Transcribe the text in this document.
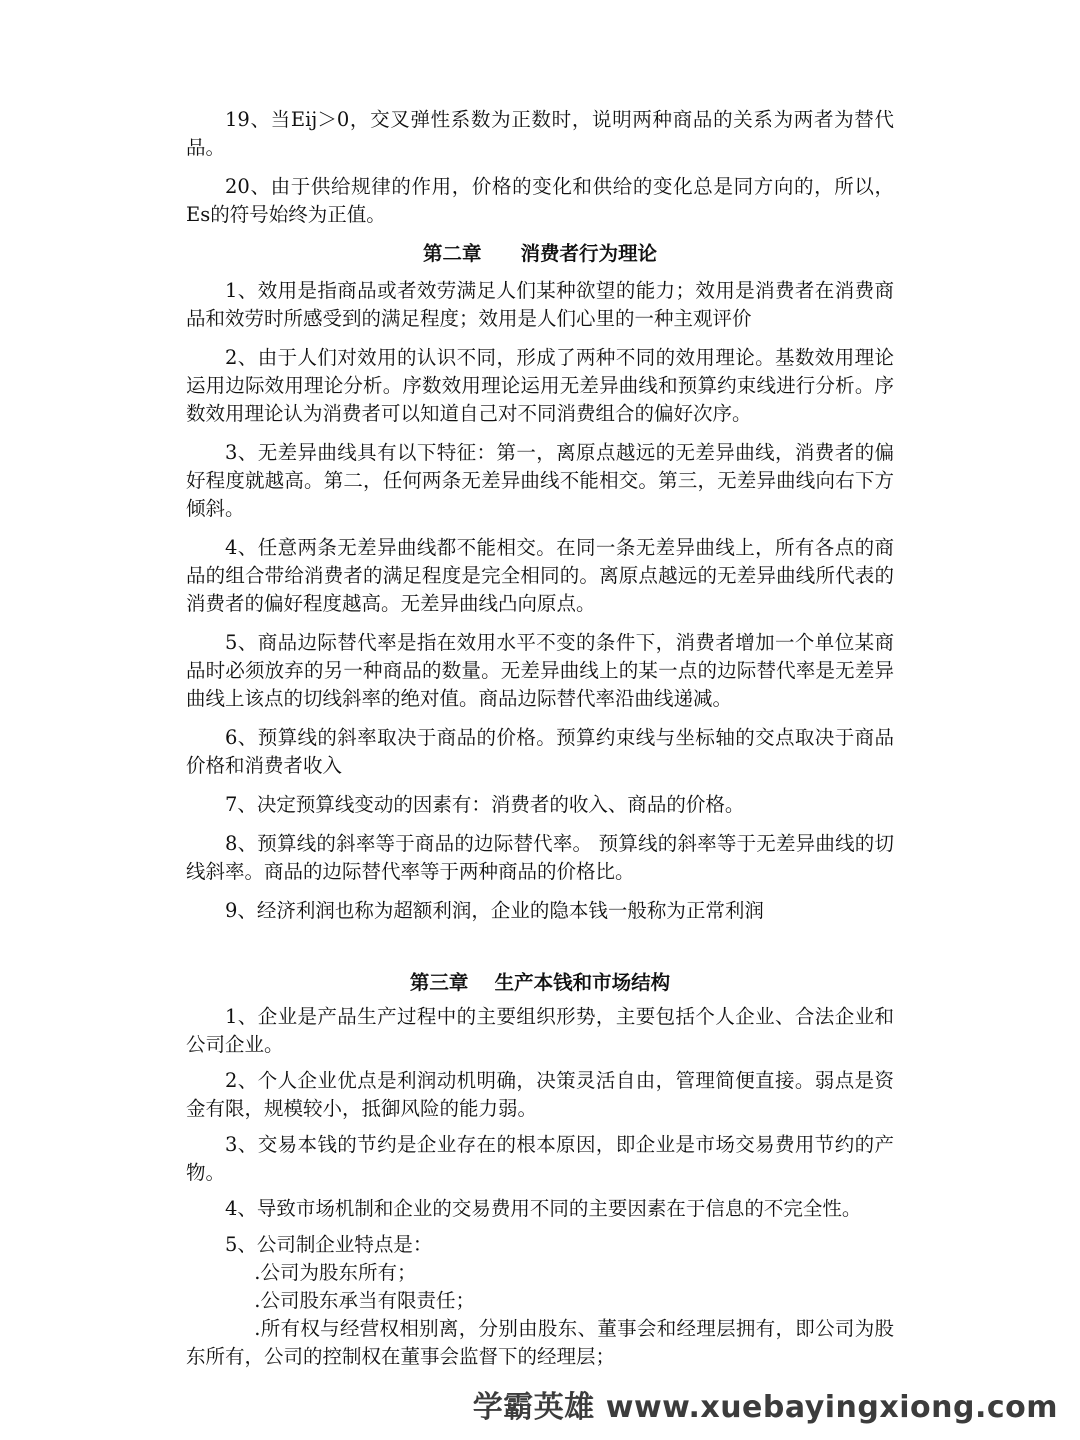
19、当Eij＞0，交叉弹性系数为正数时，说明两种商品的关系为两者为替代品。

20、由于供给规律的作用，价格的变化和供给的变化总是同方向的，所以，Es的符号始终为正值。

第二章　　消费者行为理论

1、效用是指商品或者效劳满足人们某种欲望的能力；效用是消费者在消费商品和效劳时所感受到的满足程度；效用是人们心里的一种主观评价

2、由于人们对效用的认识不同，形成了两种不同的效用理论。基数效用理论运用边际效用理论分析。序数效用理论运用无差异曲线和预算约束线进行分析。序数效用理论认为消费者可以知道自己对不同消费组合的偏好次序。

3、无差异曲线具有以下特征：第一，离原点越远的无差异曲线，消费者的偏好程度就越高。第二，任何两条无差异曲线不能相交。第三，无差异曲线向右下方倾斜。

4、任意两条无差异曲线都不能相交。在同一条无差异曲线上，所有各点的商品的组合带给消费者的满足程度是完全相同的。离原点越远的无差异曲线所代表的消费者的偏好程度越高。无差异曲线凸向原点。

5、商品边际替代率是指在效用水平不变的条件下，消费者增加一个单位某商品时必须放弃的另一种商品的数量。无差异曲线上的某一点的边际替代率是无差异曲线上该点的切线斜率的绝对值。商品边际替代率沿曲线递减。

6、预算线的斜率取决于商品的价格。预算约束线与坐标轴的交点取决于商品价格和消费者收入

7、决定预算线变动的因素有：消费者的收入、商品的价格。

8、预算线的斜率等于商品的边际替代率。 预算线的斜率等于无差异曲线的切线斜率。商品的边际替代率等于两种商品的价格比。

9、经济利润也称为超额利润，企业的隐本钱一般称为正常利润

第三章　 生产本钱和市场结构

1、企业是产品生产过程中的主要组织形势，主要包括个人企业、合法企业和公司企业。

2、个人企业优点是利润动机明确，决策灵活自由，管理简便直接。弱点是资金有限，规模较小，抵御风险的能力弱。

3、交易本钱的节约是企业存在的根本原因，即企业是市场交易费用节约的产物。

4、导致市场机制和企业的交易费用不同的主要因素在于信息的不完全性。

5、公司制企业特点是：

.公司为股东所有；

.公司股东承当有限责任；

.所有权与经营权相别离，分别由股东、董事会和经理层拥有，即公司为股东所有，公司的控制权在董事会监督下的经理层；

学霸英雄 www.xuebayingxiong.com
